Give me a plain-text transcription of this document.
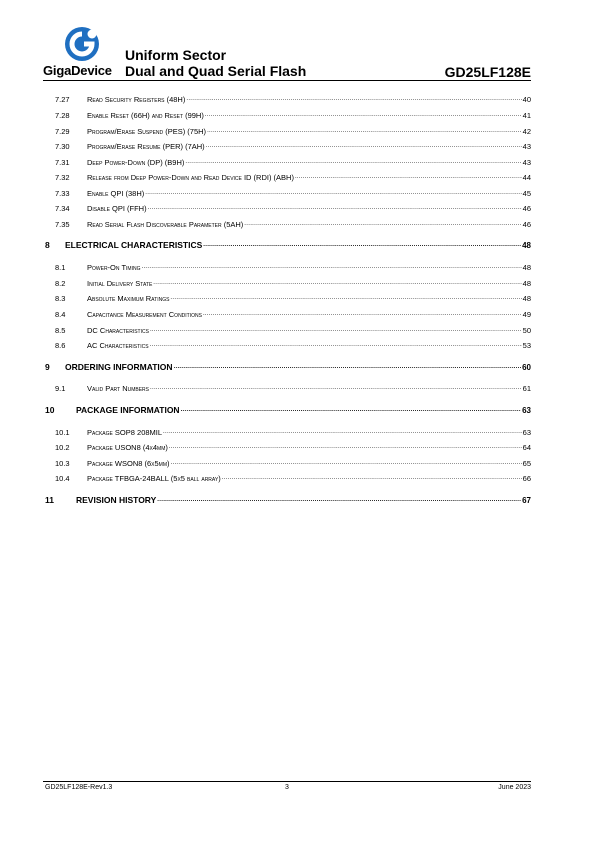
GigaDevice
Uniform Sector
Dual and Quad Serial Flash	GD25LF128E
7.27	Read Security Registers (48H) .....	40
7.28	Enable Reset (66H) and Reset (99H) .....	41
7.29	Program/Erase Suspend (PES) (75H) .....	42
7.30	Program/Erase Resume (PER) (7AH) .....	43
7.31	Deep Power-Down (DP) (B9H) .....	43
7.32	Release from Deep Power-Down and Read Device ID (RDI) (ABH) .....	44
7.33	Enable QPI (38H) .....	45
7.34	Disable QPI (FFH) .....	46
7.35	Read Serial Flash Discoverable Parameter (5AH) .....	46
8	ELECTRICAL CHARACTERISTICS .....	48
8.1	Power-On Timing .....	48
8.2	Initial Delivery State .....	48
8.3	Absolute Maximum Ratings .....	48
8.4	Capacitance Measurement Conditions .....	49
8.5	DC Characteristics .....	50
8.6	AC Characteristics .....	53
9	ORDERING INFORMATION .....	60
9.1	Valid Part Numbers .....	61
10	PACKAGE INFORMATION .....	63
10.1	Package SOP8 208MIL .....	63
10.2	Package USON8 (4x4mm) .....	64
10.3	Package WSON8 (6x5mm) .....	65
10.4	Package TFBGA-24BALL (5x5 ball array) .....	66
11	REVISION HISTORY .....	67
GD25LF128E-Rev1.3	3	June 2023
